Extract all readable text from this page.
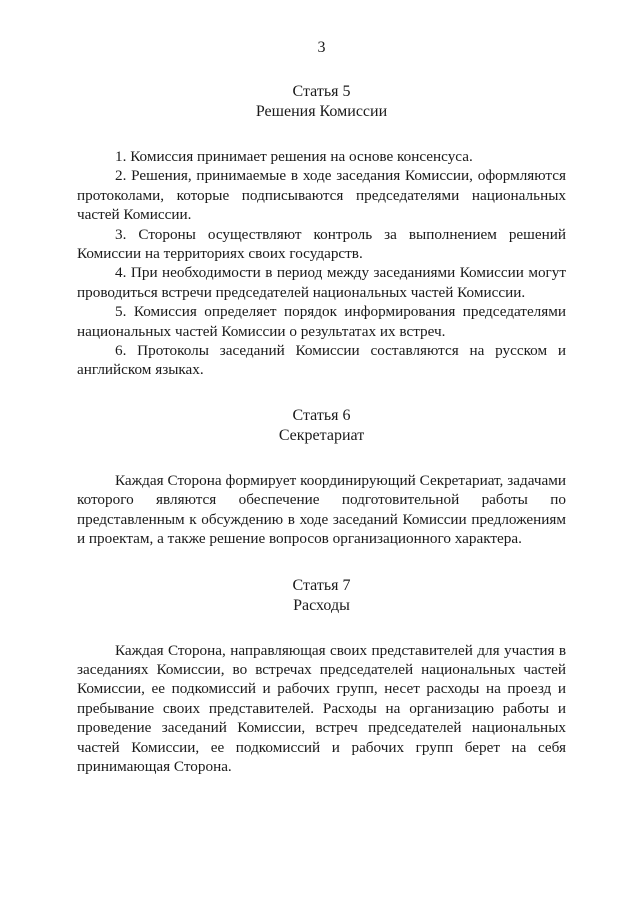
3
Статья 5
Решения Комиссии

1. Комиссия принимает решения на основе консенсуса.

2. Решения, принимаемые в ходе заседания Комиссии, оформляются протоколами, которые подписываются председателями национальных частей Комиссии.

3. Стороны осуществляют контроль за выполнением решений Комиссии на территориях своих государств.

4. При необходимости в период между заседаниями Комиссии могут проводиться встречи председателей национальных частей Комиссии.

5. Комиссия определяет порядок информирования председателями национальных частей Комиссии о результатах их встреч.

6. Протоколы заседаний Комиссии составляются на русском и английском языках.

Статья 6
Секретариат

Каждая Сторона формирует координирующий Секретариат, задачами которого являются обеспечение подготовительной работы по представленным к обсуждению в ходе заседаний Комиссии предложениям и проектам, а также решение вопросов организационного характера.

Статья 7
Расходы

Каждая Сторона, направляющая своих представителей для участия в заседаниях Комиссии, во встречах председателей национальных частей Комиссии, ее подкомиссий и рабочих групп, несет расходы на проезд и пребывание своих представителей. Расходы на организацию работы и проведение заседаний Комиссии, встреч председателей национальных частей Комиссии, ее подкомиссий и рабочих групп берет на себя принимающая Сторона.
